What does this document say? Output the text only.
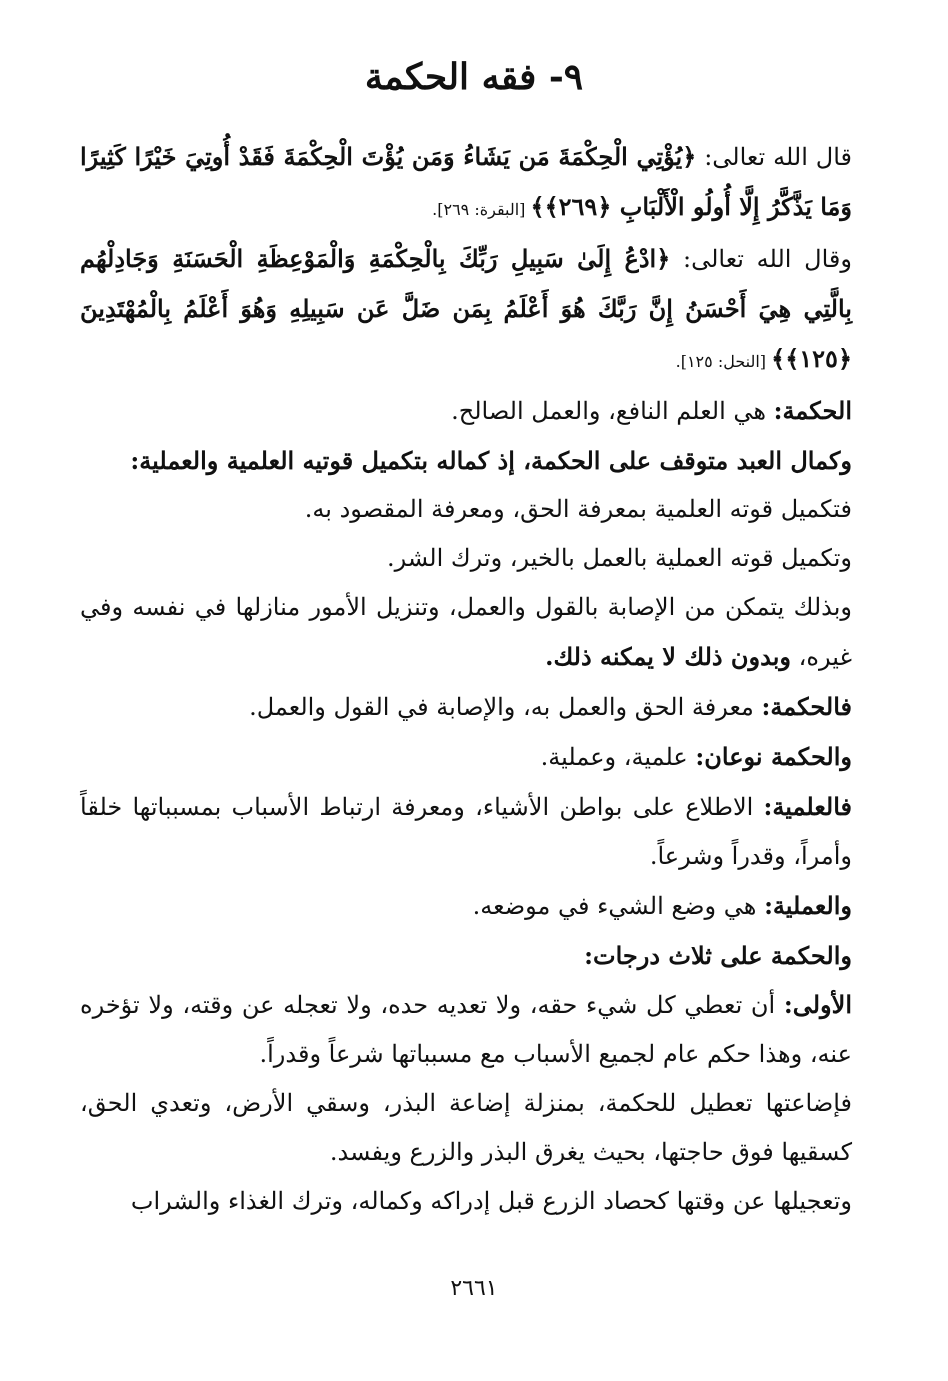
٩- فقه الحكمة

قال الله تعالى: ﴿يُؤْتِي الْحِكْمَةَ مَن يَشَاءُ وَمَن يُؤْتَ الْحِكْمَةَ فَقَدْ أُوتِيَ خَيْرًا كَثِيرًا وَمَا يَذَّكَّرُ إِلَّا أُولُو الْأَلْبَابِ ﴿٢٦٩﴾﴾ [البقرة: ٢٦٩].

وقال الله تعالى: ﴿ادْعُ إِلَىٰ سَبِيلِ رَبِّكَ بِالْحِكْمَةِ وَالْمَوْعِظَةِ الْحَسَنَةِ وَجَادِلْهُم بِالَّتِي هِيَ أَحْسَنُ إِنَّ رَبَّكَ هُوَ أَعْلَمُ بِمَن ضَلَّ عَن سَبِيلِهِ وَهُوَ أَعْلَمُ بِالْمُهْتَدِينَ ﴿١٢٥﴾﴾ [النحل: ١٢٥].

الحكمة: هي العلم النافع، والعمل الصالح.

وكمال العبد متوقف على الحكمة، إذ كماله بتكميل قوتيه العلمية والعملية:

فتكميل قوته العلمية بمعرفة الحق، ومعرفة المقصود به.

وتكميل قوته العملية بالعمل بالخير، وترك الشر.

وبذلك يتمكن من الإصابة بالقول والعمل، وتنزيل الأمور منازلها في نفسه وفي غيره، وبدون ذلك لا يمكنه ذلك.

فالحكمة: معرفة الحق والعمل به، والإصابة في القول والعمل.

والحكمة نوعان: علمية، وعملية.

فالعلمية: الاطلاع على بواطن الأشياء، ومعرفة ارتباط الأسباب بمسبباتها خلقاً وأمراً، وقدراً وشرعاً.

والعملية: هي وضع الشيء في موضعه.

والحكمة على ثلاث درجات:

الأولى: أن تعطي كل شيء حقه، ولا تعديه حده، ولا تعجله عن وقته، ولا تؤخره عنه، وهذا حكم عام لجميع الأسباب مع مسبباتها شرعاً وقدراً.

فإضاعتها تعطيل للحكمة، بمنزلة إضاعة البذر، وسقي الأرض، وتعدي الحق، كسقيها فوق حاجتها، بحيث يغرق البذر والزرع ويفسد.

وتعجيلها عن وقتها كحصاد الزرع قبل إدراكه وكماله، وترك الغذاء والشراب

٢٦٦١
